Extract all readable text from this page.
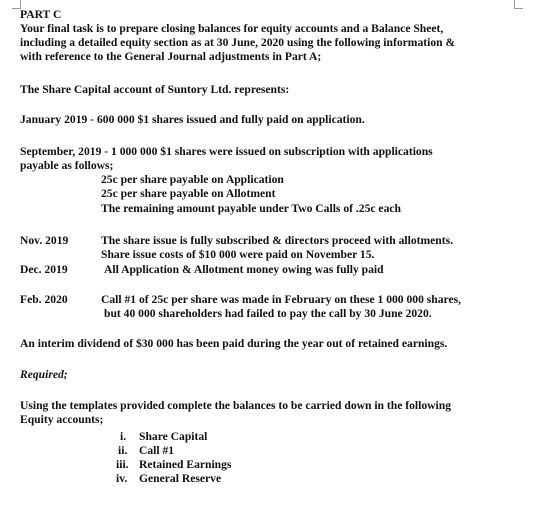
PART C
Your final task is to prepare closing balances for equity accounts and a Balance Sheet,
including a detailed equity section as at 30 June, 2020 using the following information &
with reference to the General Journal adjustments in Part A;
The Share Capital account of Suntory Ltd. represents:
January 2019 - 600 000 $1 shares issued and fully paid on application.
September, 2019 - 1 000 000 $1 shares were issued on subscription with applications
payable as follows;
25c per share payable on Application
25c per share payable on Allotment
The remaining amount payable under Two Calls of .25c each
Nov. 2019	The share issue is fully subscribed & directors proceed with allotments.
Share issue costs of $10 000 were paid on November 15.
Dec. 2019	All Application & Allotment money owing was fully paid
Feb. 2020	Call #1 of 25c per share was made in February on these 1 000 000 shares,
but 40 000 shareholders had failed to pay the call by 30 June 2020.
An interim dividend of $30 000 has been paid during the year out of retained earnings.
Required;
Using the templates provided complete the balances to be carried down in the following
Equity accounts;
i. Share Capital
ii. Call #1
iii. Retained Earnings
iv. General Reserve
